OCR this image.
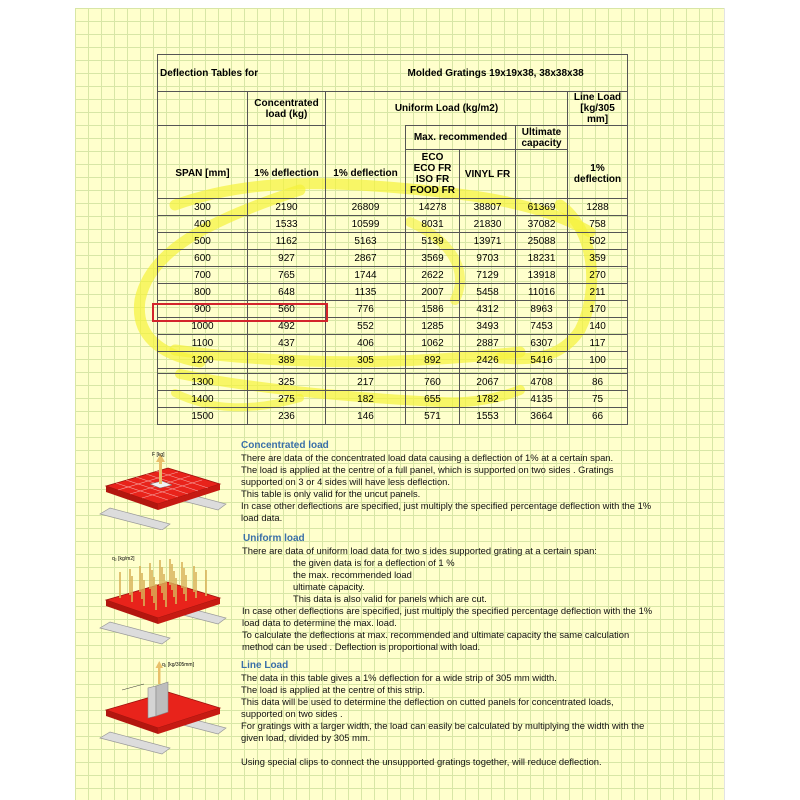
Deflection Tables for			Molded Gratings 19x19x38, 38x38x38			
	Concentrated load (kg)	Uniform Load (kg/m2)				Line Load [kg/305 mm]
			Max. recommended		Ultimate capacity	
SPAN [mm]	1% deflection	1% deflection	ECO
ECO FR
ISO FR
FOOD FR	VINYL FR		1% deflection
300	2190	26809	14278	38807	61369	1288
400	1533	10599	8031	21830	37082	758
500	1162	5163	5139	13971	25088	502
600	927	2867	3569	9703	18231	359
700	765	1744	2622	7129	13918	270
800	648	1135	2007	5458	11016	211
900	560	776	1586	4312	8963	170
1000	492	552	1285	3493	7453	140
1100	437	406	1062	2887	6307	117
1200	389	305	892	2426	5416	100

1300	325	217	760	2067	4708	86
1400	275	182	655	1782	4135	75
1500	236	146	571	1553	3664	66
F [kg]
q₂ [kg/m2]
q₁ [kg/305mm]
Concentrated load
There are data of the concentrated load data causing a deflection of 1% at a certain span.
The load is applied at the centre of a full panel, which is supported on two sides . Gratings
supported on 3 or 4 sides will have less deflection.
This table is only valid for the uncut panels.
In case other deflections are specified, just multiply the specified percentage deflection with the 1%
load data.
Uniform load
There are data of uniform load data for two s ides supported grating at a certain span:
the given data is for a deflection of 1 %
the max. recommended load
ultimate capacity.
This data is also valid for panels which are cut.
In case other deflections are specified, just multiply the specified percentage deflection with the 1%
load data to determine the max. load.
To calculate the deflections at max. recommended and ultimate capacity the same calculation
method can be used . Deflection is proportional with load.
Line Load
The data in this table gives a 1% deflection for a wide strip of 305 mm width.
The load is applied at the centre of this strip.
This data will be used to determine the deflection on cutted panels for concentrated loads,
supported on two sides .
For gratings with a larger width, the load can easily be calculated by multiplying the width with the
given load, divided by 305 mm.
Using special clips to connect the unsupported gratings together, will reduce deflection.
